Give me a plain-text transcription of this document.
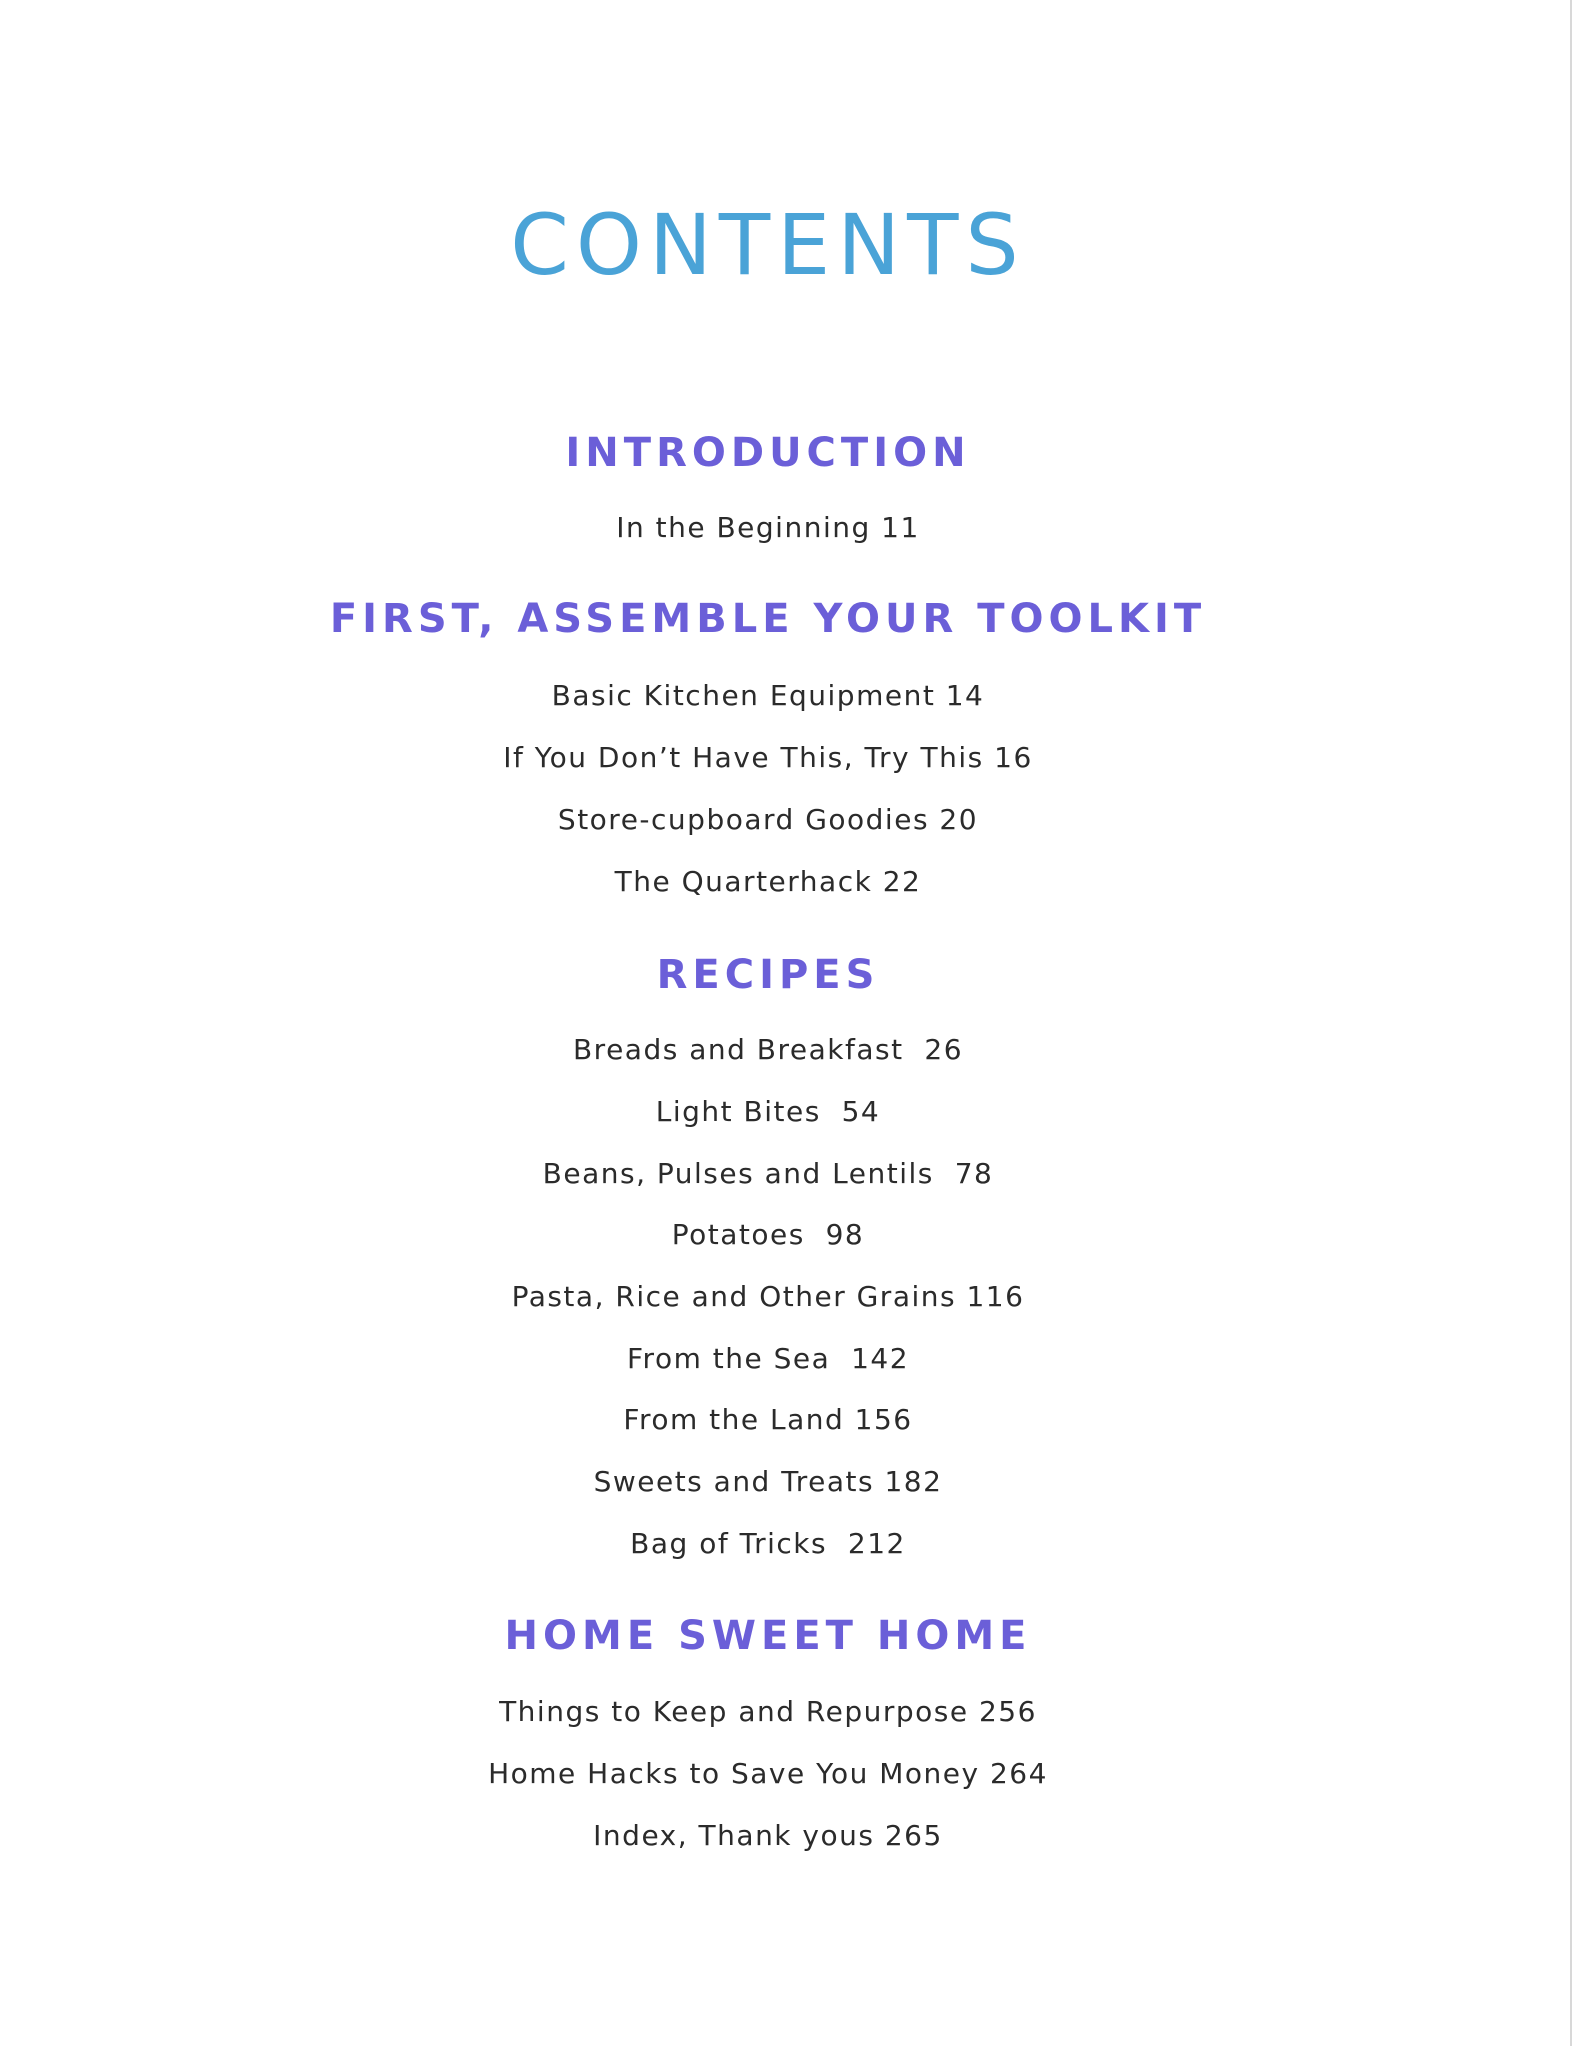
CONTENTS
INTRODUCTION

In the Beginning 11

FIRST, ASSEMBLE YOUR TOOLKIT

Basic Kitchen Equipment 14

If You Don’t Have This, Try This 16

Store-cupboard Goodies 20

The Quarterhack 22

RECIPES

Breads and Breakfast  26

Light Bites  54

Beans, Pulses and Lentils  78

Potatoes  98

Pasta, Rice and Other Grains 116

From the Sea  142

From the Land 156

Sweets and Treats 182

Bag of Tricks  212

HOME SWEET HOME

Things to Keep and Repurpose 256

Home Hacks to Save You Money 264

Index, Thank yous 265
